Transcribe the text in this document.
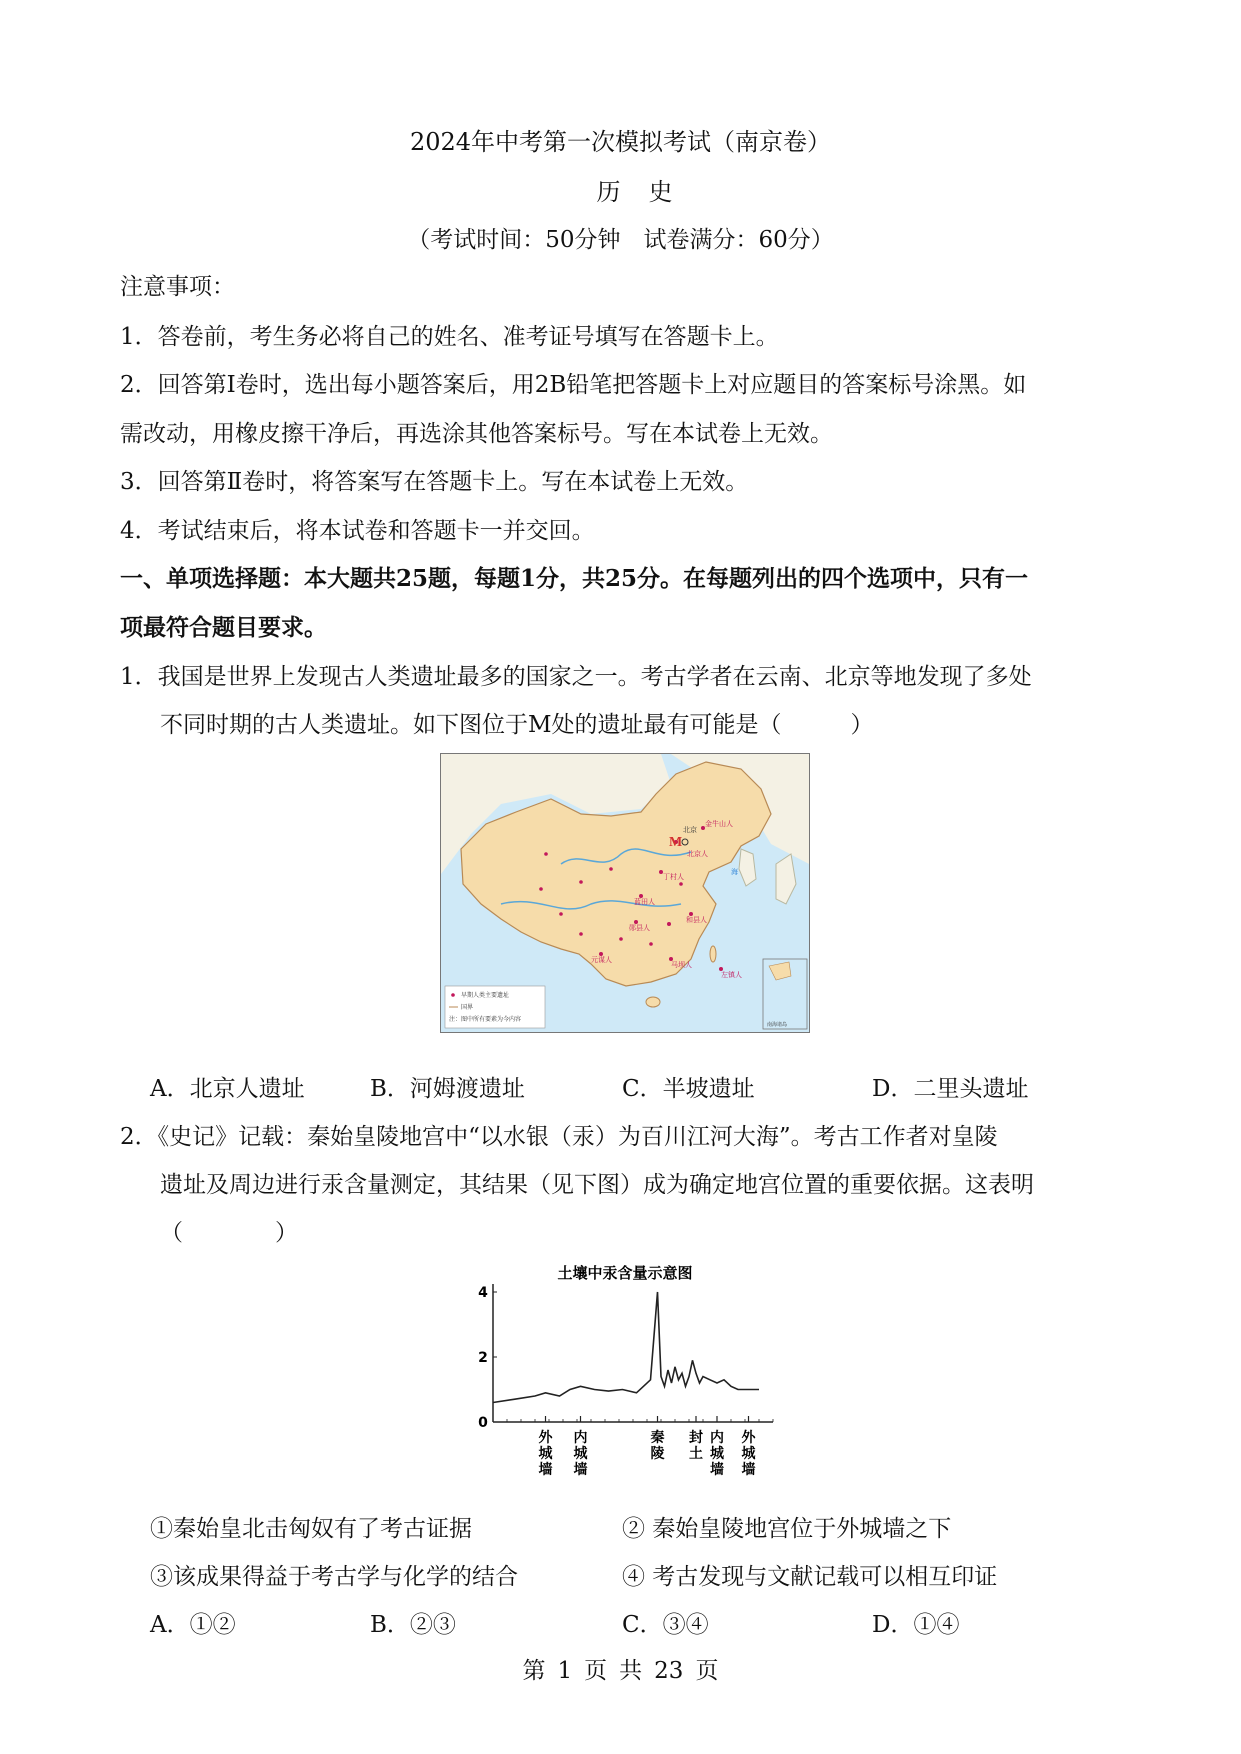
2024年中考第一次模拟考试（南京卷）
历史
（考试时间：50分钟　试卷满分：60分）
注意事项：
1．答卷前，考生务必将自己的姓名、准考证号填写在答题卡上。
2．回答第Ⅰ卷时，选出每小题答案后，用2B铅笔把答题卡上对应题目的答案标号涂黑。如
需改动，用橡皮擦干净后，再选涂其他答案标号。写在本试卷上无效。
3．回答第Ⅱ卷时，将答案写在答题卡上。写在本试卷上无效。
4．考试结束后，将本试卷和答题卡一并交回。
一、单项选择题：本大题共25题，每题1分，共25分。在每题列出的四个选项中，只有一
项最符合题目要求。
1．我国是世界上发现古人类遗址最多的国家之一。考古学者在云南、北京等地发现了多处
不同时期的古人类遗址。如下图位于M处的遗址最有可能是（　　　）
M
北京
金牛山人
丁村人
蓝田人
郧县人
北京人
和县人
元谋人
马坝人
左镇人
海
早期人类主要遗址
国界
注：图中所有要素为今内容
南海诸岛
A．北京人遗址	B．河姆渡遗址	C．半坡遗址	D．二里头遗址
2．《史记》记载：秦始皇陵地宫中“以水银（汞）为百川江河大海”。考古工作者对皇陵
遗址及周边进行汞含量测定，其结果（见下图）成为确定地宫位置的重要依据。这表明
（　　　　）
土壤中汞含量示意图
0
2
4
外城墙
内城墙
秦陵
封土
内城墙
外城墙
①秦始皇北击匈奴有了考古证据	② 秦始皇陵地宫位于外城墙之下
③该成果得益于考古学与化学的结合	④ 考古发现与文献记载可以相互印证
A．①②	B．②③	C．③④	D．①④
第 1 页 共 23 页
